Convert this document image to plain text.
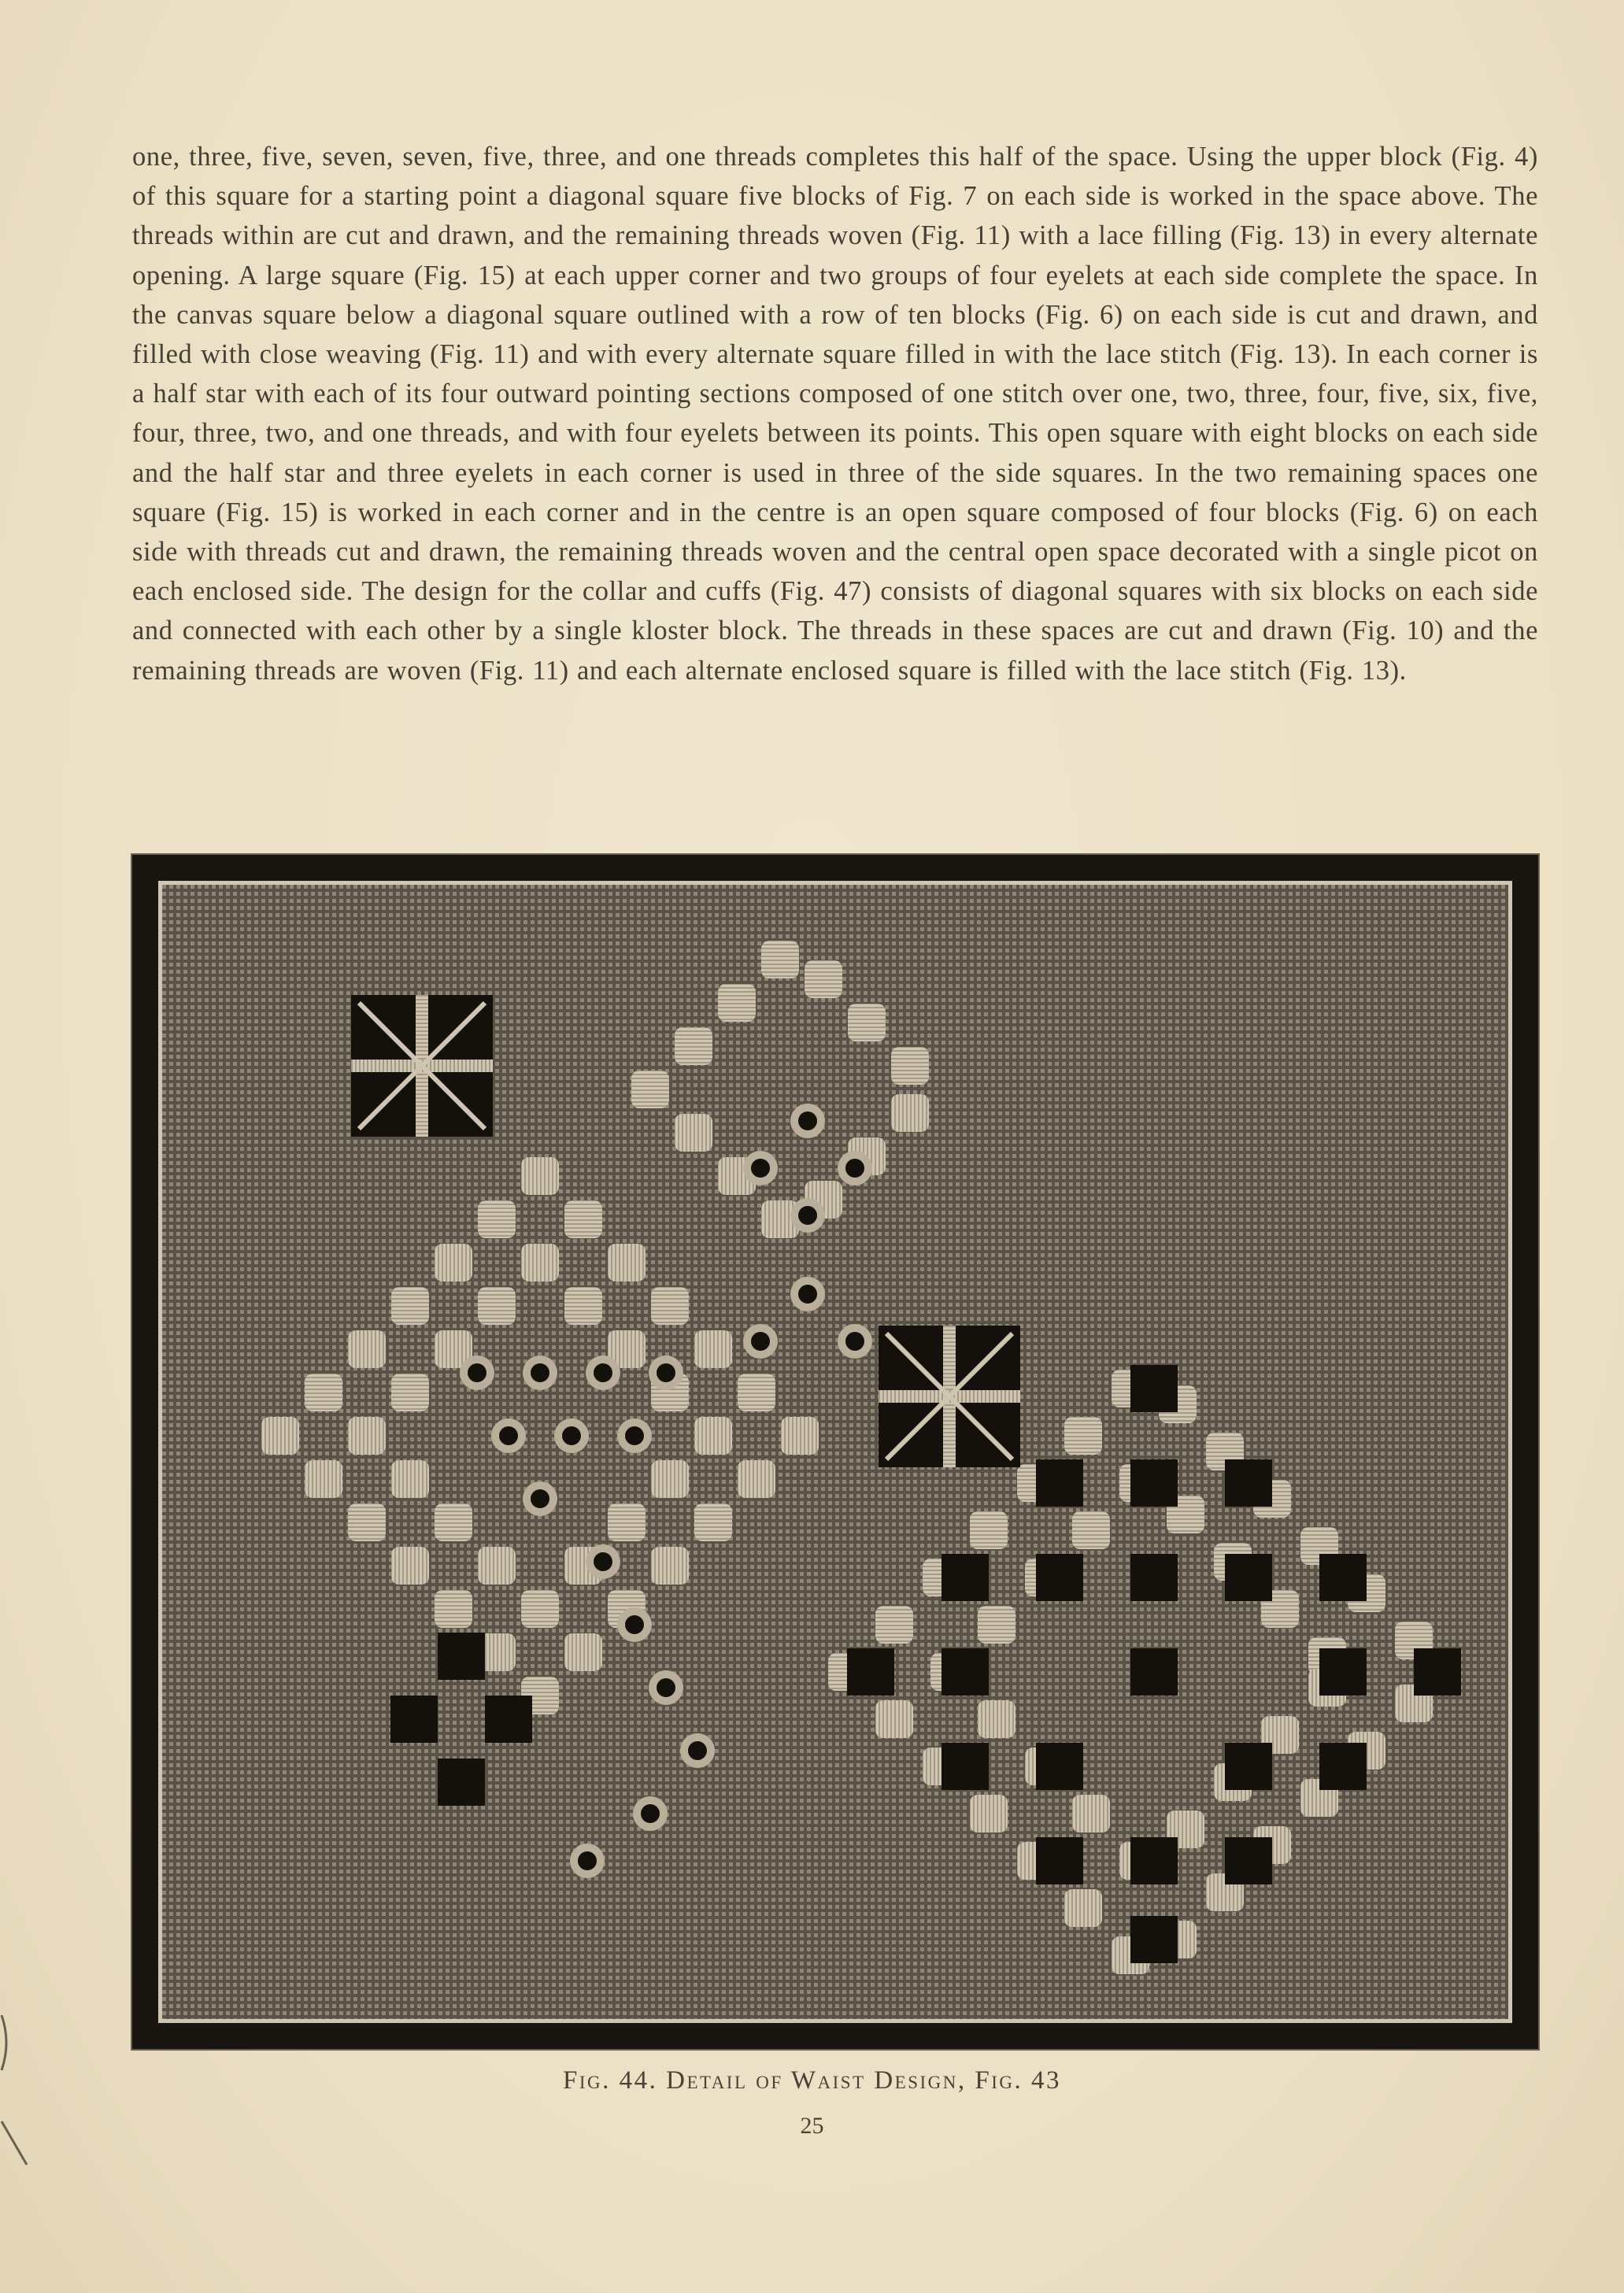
one, three, five, seven, seven, five, three, and one threads completes this half of the space. Using the upper block (Fig. 4) of this square for a starting point a diagonal square five blocks of Fig. 7 on each side is worked in the space above. The threads within are cut and drawn, and the remaining threads woven (Fig. 11) with a lace filling (Fig. 13) in every alternate opening. A large square (Fig. 15) at each upper corner and two groups of four eyelets at each side complete the space. In the canvas square below a diagonal square outlined with a row of ten blocks (Fig. 6) on each side is cut and drawn, and filled with close weaving (Fig. 11) and with every alternate square filled in with the lace stitch (Fig. 13). In each corner is a half star with each of its four outward pointing sections composed of one stitch over one, two, three, four, five, six, five, four, three, two, and one threads, and with four eyelets between its points. This open square with eight blocks on each side and the half star and three eyelets in each corner is used in three of the side squares. In the two remaining spaces one square (Fig. 15) is worked in each corner and in the centre is an open square composed of four blocks (Fig. 6) on each side with threads cut and drawn, the remaining threads woven and the central open space decorated with a single picot on each enclosed side. The design for the collar and cuffs (Fig. 47) consists of diagonal squares with six blocks on each side and connected with each other by a single kloster block. The threads in these spaces are cut and drawn (Fig. 10) and the remaining threads are woven (Fig. 11) and each alternate enclosed square is filled with the lace stitch (Fig. 13).

Fig. 44. Detail of Waist Design, Fig. 43
25
